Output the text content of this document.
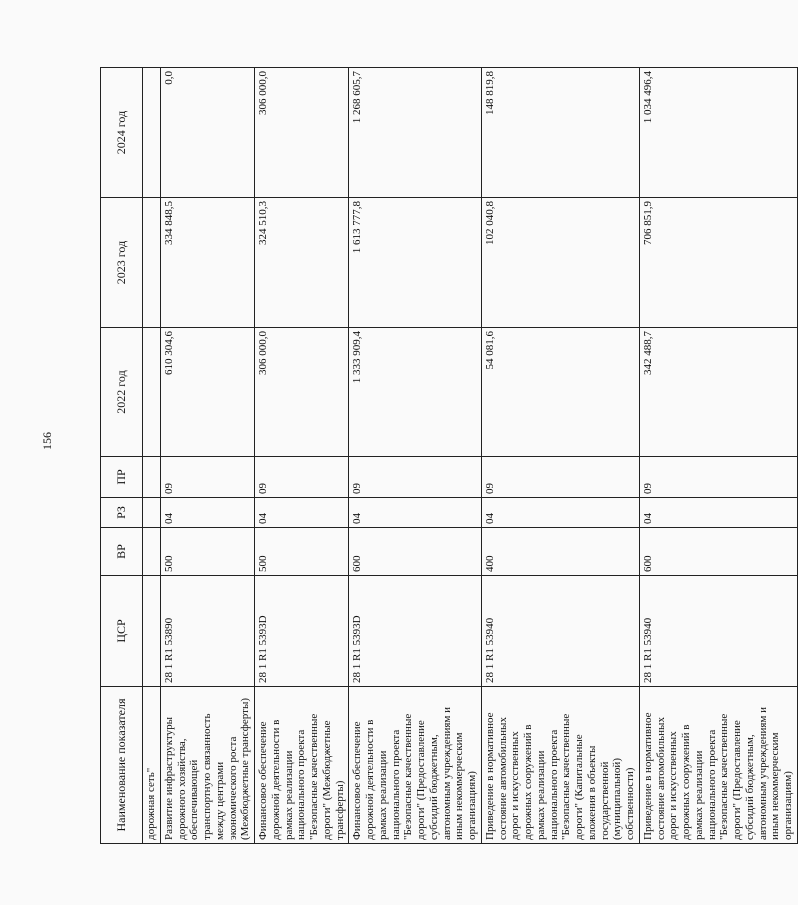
156
Наименование показателя	ЦСР	ВР	РЗ	ПР	2022 год	2023 год	2024 год
дорожная сеть"							
Развитие инфраструктуры дорожного хозяйства, обеспечивающей транспортную связанность между центрами экономического роста (Межбюджетные трансферты)	28 1 R1 53890	500	04	09	610 304,6	334 848,5	0,0
Финансовое обеспечение дорожной деятельности в рамках реализации национального проекта "Безопасные качественные дороги" (Межбюджетные трансферты)	28 1 R1 5393D	500	04	09	306 000,0	324 510,3	306 000,0
Финансовое обеспечение дорожной деятельности в рамках реализации национального проекта "Безопасные качественные дороги" (Предоставление субсидий бюджетным, автономным учреждениям и иным некоммерческим организациям)	28 1 R1 5393D	600	04	09	1 333 909,4	1 613 777,8	1 268 605,7
Приведение в нормативное состояние автомобильных дорог и искусственных дорожных сооружений в рамках реализации национального проекта "Безопасные качественные дороги" (Капитальные вложения в объекты государственной (муниципальной) собственности)	28 1 R1 53940	400	04	09	54 081,6	102 040,8	148 819,8
Приведение в нормативное состояние автомобильных дорог и искусственных дорожных сооружений в рамках реализации национального проекта "Безопасные качественные дороги" (Предоставление субсидий бюджетным, автономным учреждениям и иным некоммерческим организациям)	28 1 R1 53940	600	04	09	342 488,7	706 851,9	1 034 496,4
